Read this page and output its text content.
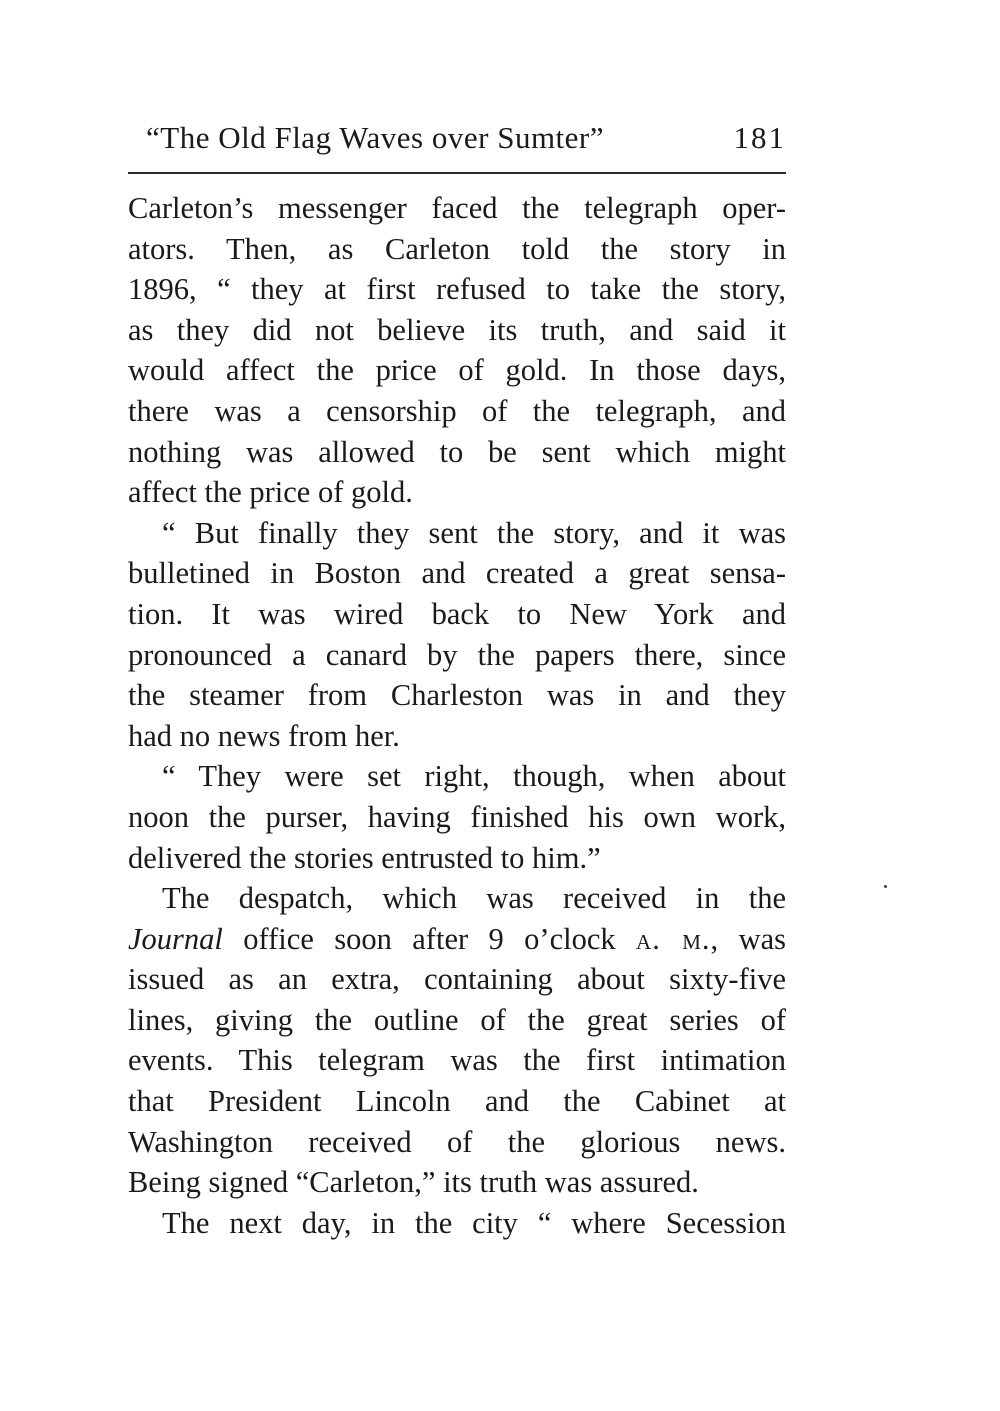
“The Old Flag Waves over Sumter”	181
Carleton’s messenger faced the telegraph oper-
ators. Then, as Carleton told the story in
1896, “ they at first refused to take the story,
as they did not believe its truth, and said it
would affect the price of gold. In those days,
there was a censorship of the telegraph, and
nothing was allowed to be sent which might
affect the price of gold.
“ But finally they sent the story, and it was
bulletined in Boston and created a great sensa-
tion. It was wired back to New York and
pronounced a canard by the papers there, since
the steamer from Charleston was in and they
had no news from her.
“ They were set right, though, when about
noon the purser, having finished his own work,
delivered the stories entrusted to him.”
The despatch, which was received in the
Journal office soon after 9 o’clock a. m., was
issued as an extra, containing about sixty-five
lines, giving the outline of the great series of
events. This telegram was the first intimation
that President Lincoln and the Cabinet at
Washington received of the glorious news.
Being signed “Carleton,” its truth was assured.
The next day, in the city “ where Secession
